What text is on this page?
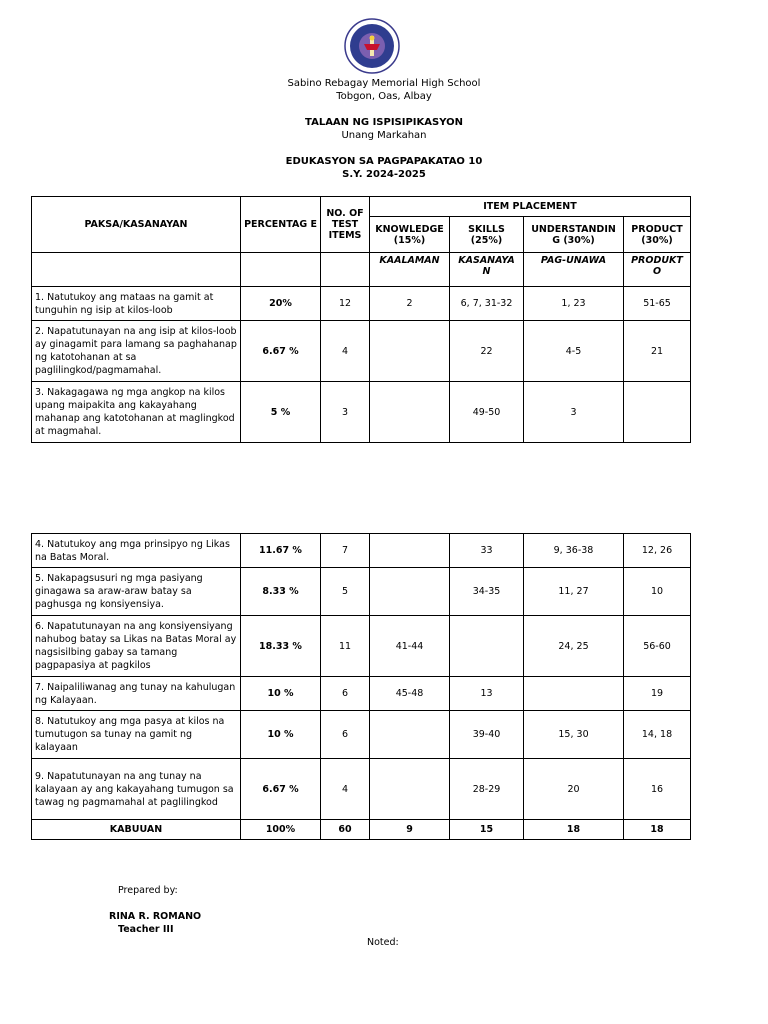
Sabino Rebagay Memorial High School
Tobgon, Oas, Albay
TALAAN NG ISPISIPIKASYON
Unang Markahan
EDUKASYON SA PAGPAPAKATAO 10
S.Y. 2024-2025
PAKSA/KASANAYAN	PERCENTAG E	NO. OF TEST ITEMS	ITEM PLACEMENT			
			KNOWLEDGE (15%)	SKILLS (25%)	UNDERSTANDIN G (30%)	PRODUCT (30%)
			KAALAMAN	KASANAYA N	PAG-UNAWA	PRODUKT O
1. Natutukoy ang mataas na gamit at tunguhin ng isip at kilos-loob	20%	12	2	6, 7, 31-32	1, 23	51-65
2. Napatutunayan na ang isip at kilos-loob ay ginagamit para lamang sa paghahanap ng katotohanan at sa paglilingkod/pagmamahal.	6.67 %	4		22	4-5	21
3. Nakagagawa ng mga angkop na kilos upang maipakita ang kakayahang mahanap ang katotohanan at maglingkod at magmahal.	5 %	3		49-50	3	
4. Natutukoy ang mga prinsipyo ng Likas na Batas Moral.	11.67 %	7		33	9, 36-38	12, 26
5. Nakapagsusuri ng mga pasiyang ginagawa sa araw-araw batay sa paghusga ng konsiyensiya.	8.33 %	5		34-35	11, 27	10
6. Napatutunayan na ang konsiyensiyang nahubog batay sa Likas na Batas Moral ay nagsisilbing gabay sa tamang pagpapasiya at pagkilos	18.33 %	11	41-44		24, 25	56-60
7. Naipaliliwanag ang tunay na kahulugan ng Kalayaan.	10 %	6	45-48	13		19
8. Natutukoy ang mga pasya at kilos na tumutugon sa tunay na gamit ng kalayaan	10 %	6		39-40	15, 30	14, 18
9. Napatutunayan na ang tunay na kalayaan ay ang kakayahang tumugon sa tawag ng pagmamahal at paglilingkod	6.67 %	4		28-29	20	16
KABUUAN	100%	60	9	15	18	18
Prepared by:
RINA R. ROMANO
Teacher III
Noted:
